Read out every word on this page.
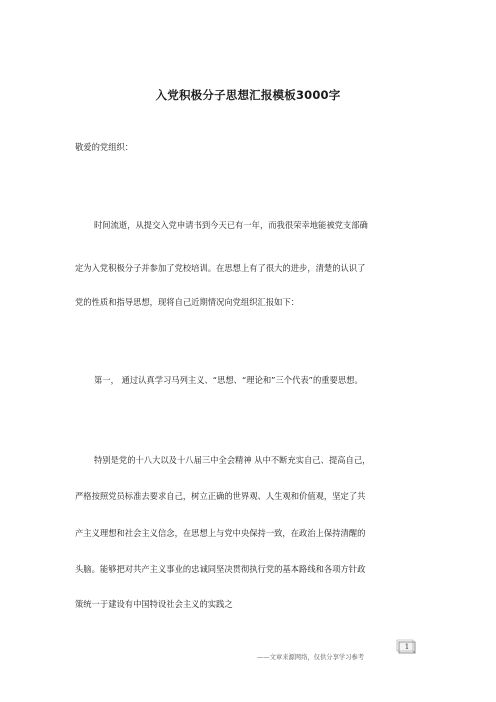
入党积极分子思想汇报模板3000字
敬爱的党组织：
时间流逝，从提交入党申请书到今天已有一年，而我很荣幸地能被党支部确
定为入党积极分子并参加了党校培训。在思想上有了很大的进步，清楚的认识了
党的性质和指导思想，现将自己近期情况向党组织汇报如下：
第一， 通过认真学习马列主义、“思想、“理论和”三个代表”的重要思想。
特别是党的十八大以及十八届三中全会精神 从中不断充实自己、提高自己，
严格按照党员标准去要求自己，树立正确的世界观、人生观和价值观，坚定了共
产主义理想和社会主义信念，在思想上与党中央保持一致，在政治上保持清醒的
头脑。能够把对共产主义事业的忠诚同坚决贯彻执行党的基本路线和各项方针政
策统一于建设有中国特设社会主义的实践之
1
——文章来源网络，仅供分享学习参考
